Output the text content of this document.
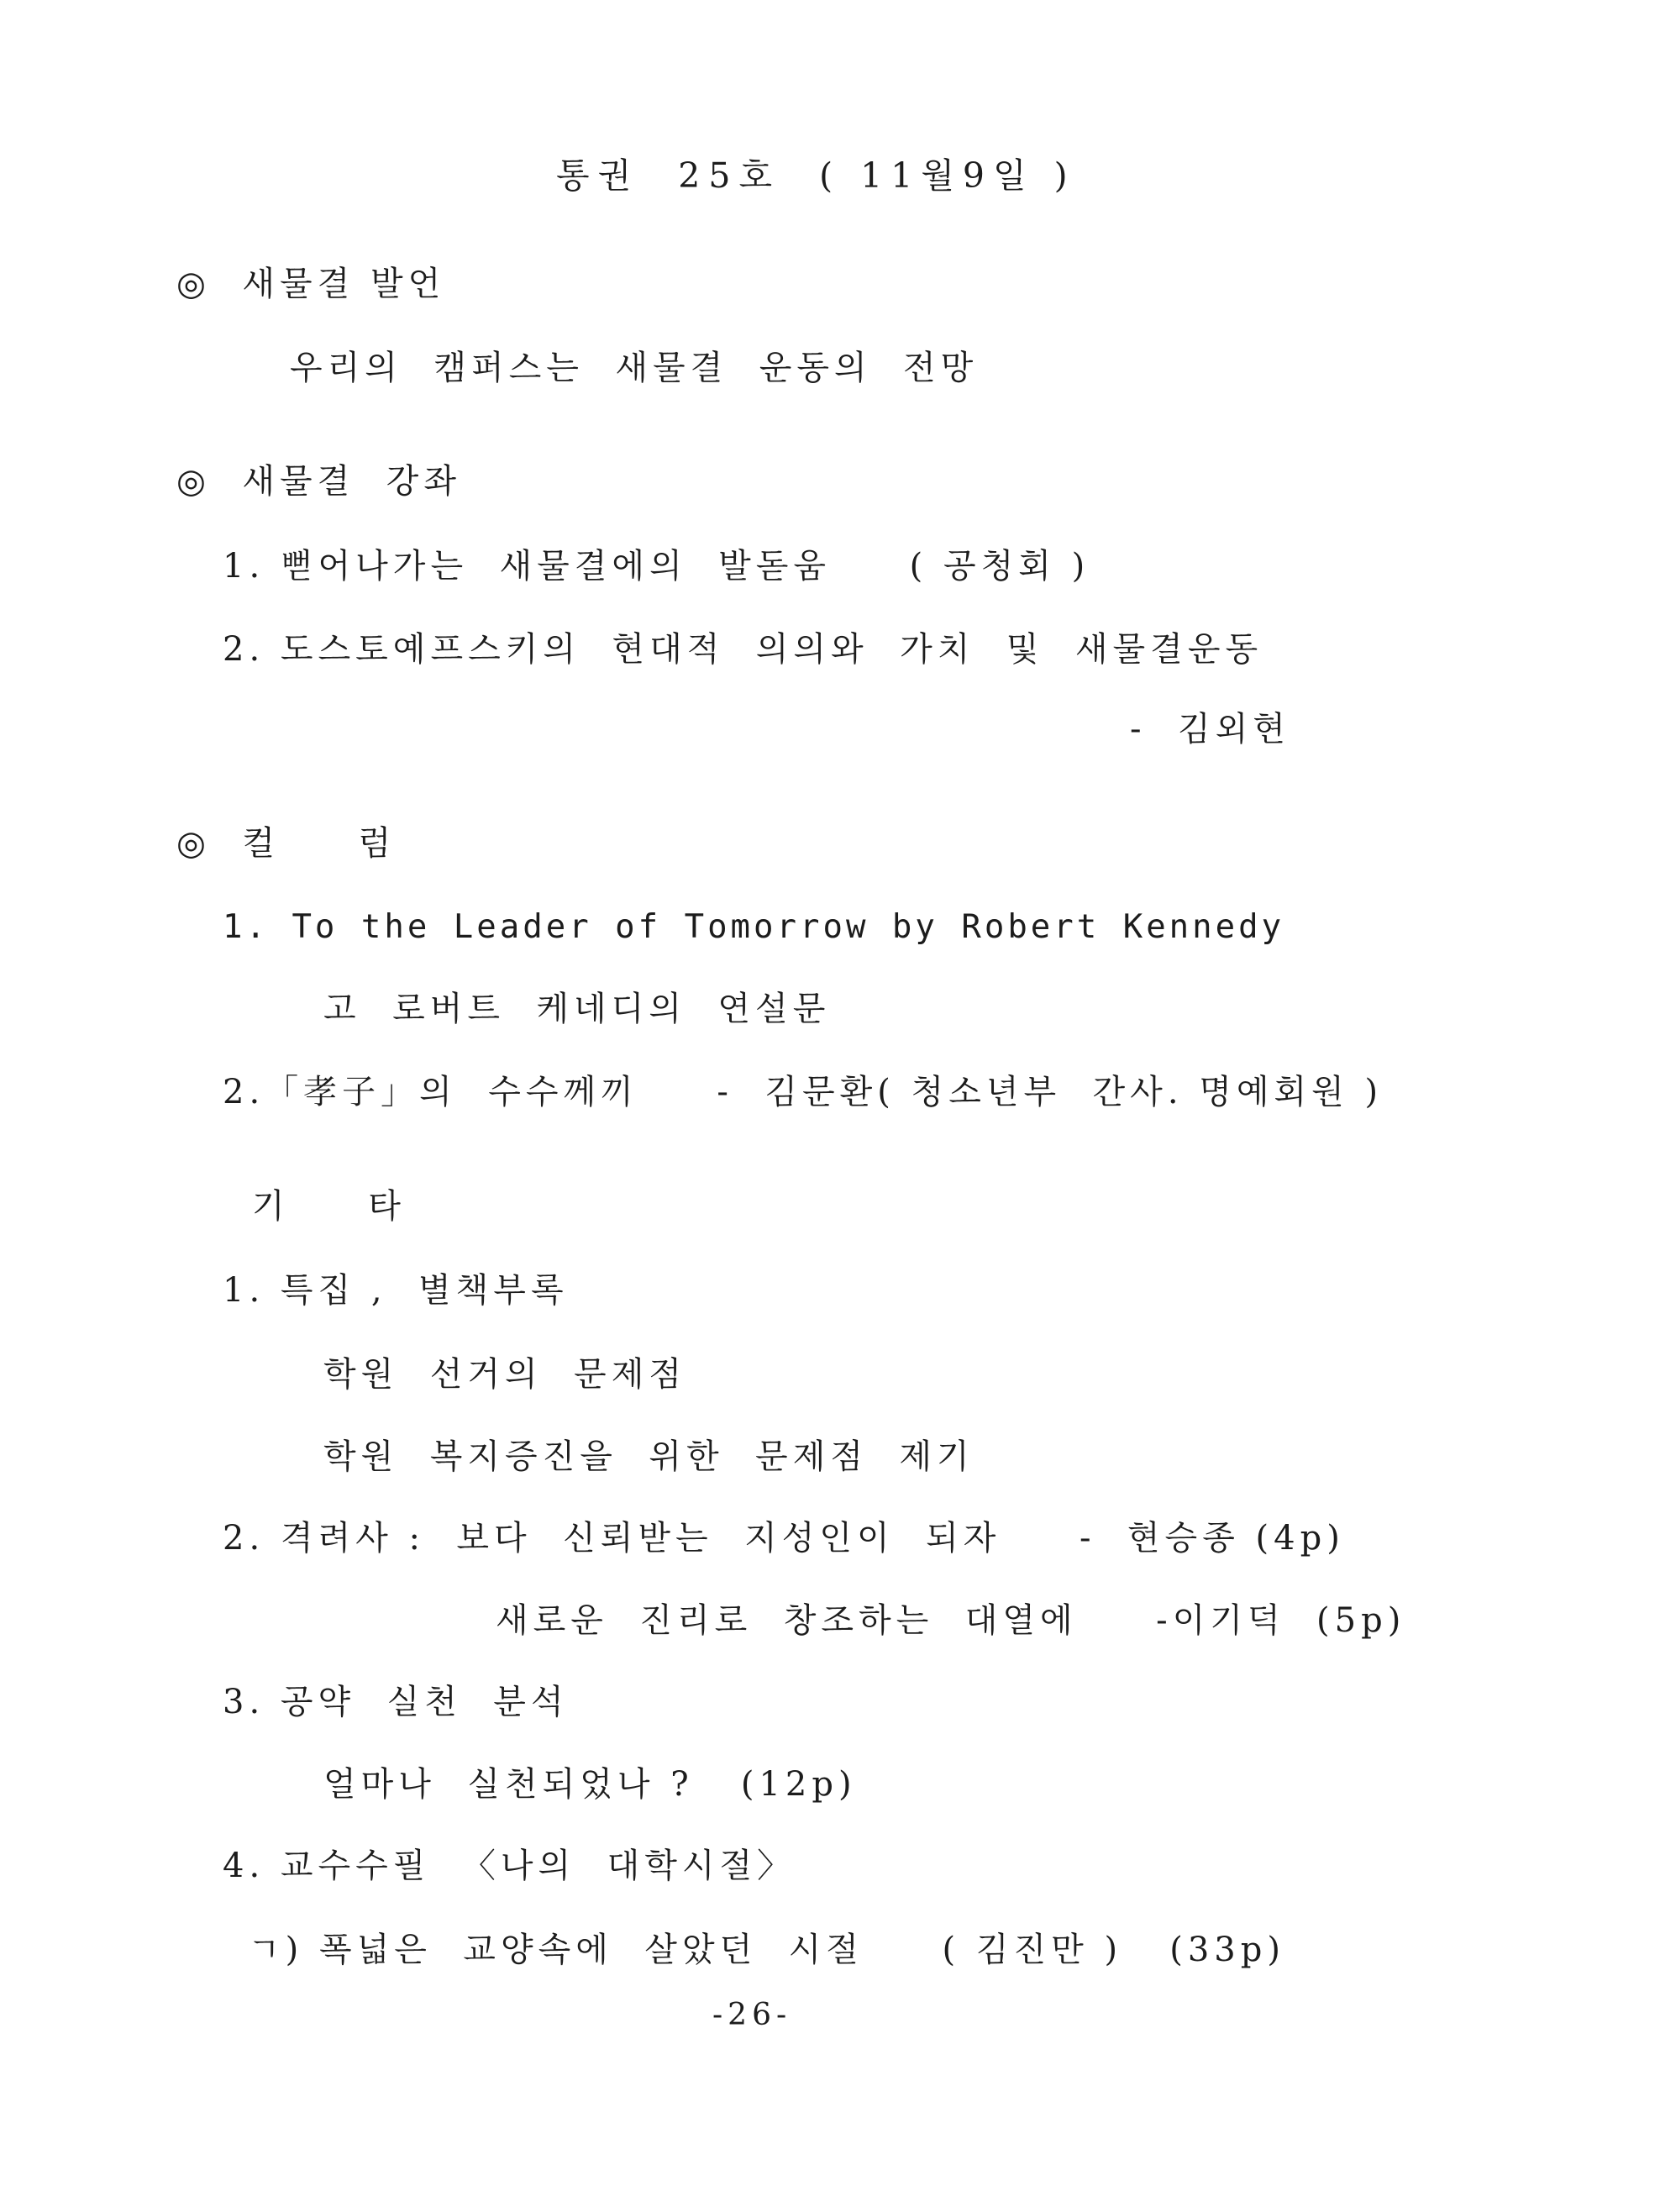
통권  25호  ( 11월9일 )
◎  새물결 발언
우리의  캠퍼스는  새물결  운동의  전망
◎  새물결  강좌
1. 뻗어나가는  새물결에의  발돋움     ( 공청회 )
2. 도스토예프스키의  현대적  의의와  가치  및  새물결운동
-  김외현
◎  컬     럼
1. To the Leader of Tomorrow by Robert Kennedy
고  로버트  케네디의  연설문
2.「孝子」의  수수께끼     -  김문환( 청소년부  간사. 명예회원 )
기     타
1. 특집 ,  별책부록
학원  선거의  문제점
학원  복지증진을  위한  문제점  제기
2. 격려사 :  보다  신뢰받는  지성인이  되자     -  현승종 (4p)
새로운  진리로  창조하는  대열에     -이기덕  (5p)
3. 공약  실천  분석
얼마나  실천되었나 ?   (12p)
4. 교수수필  〈나의  대학시절〉
ㄱ) 폭넓은  교양속에  살았던  시절     ( 김진만 )   (33p)
-26-
